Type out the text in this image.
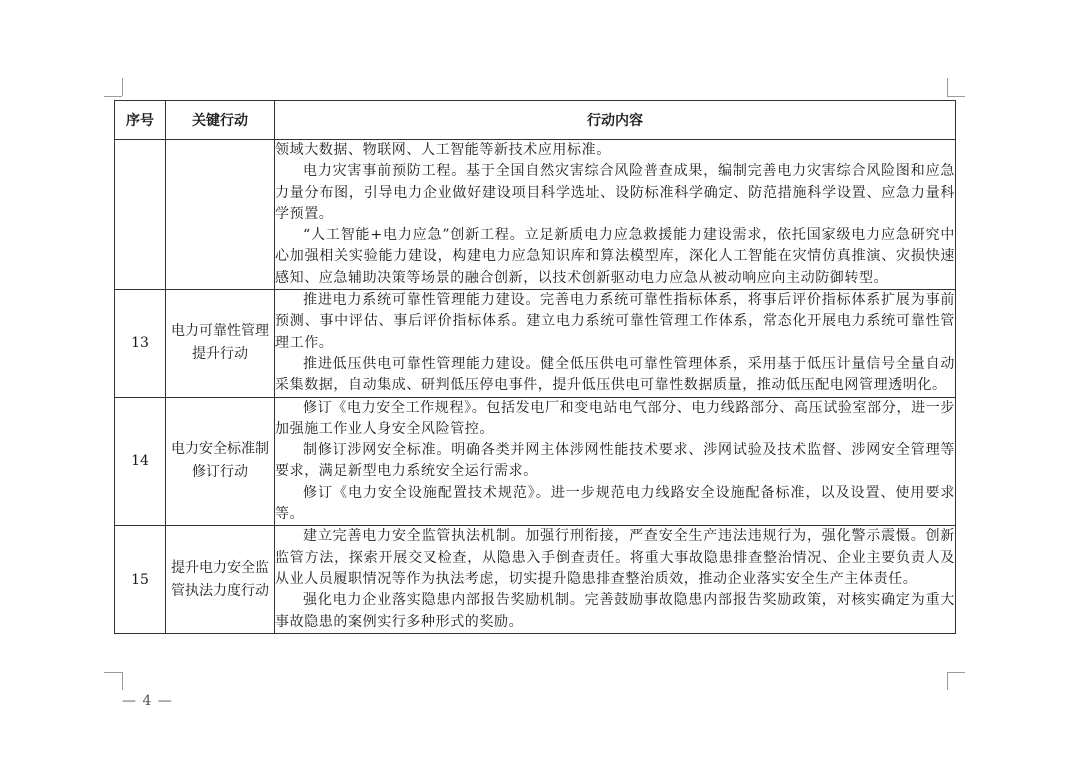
序号	关键行动	行动内容

		领域大数据、物联网、人工智能等新技术应用标准。

电力灾害事前预防工程。基于全国自然灾害综合风险普查成果，编制完善电力灾害综合风险图和应急力量分布图，引导电力企业做好建设项目科学选址、设防标准科学确定、防范措施科学设置、应急力量科学预置。

“人工智能+电力应急”创新工程。立足新质电力应急救援能力建设需求，依托国家级电力应急研究中心加强相关实验能力建设，构建电力应急知识库和算法模型库，深化人工智能在灾情仿真推演、灾损快速感知、应急辅助决策等场景的融合创新，以技术创新驱动电力应急从被动响应向主动防御转型。

13	电力可靠性管理提升行动	推进电力系统可靠性管理能力建设。完善电力系统可靠性指标体系，将事后评价指标体系扩展为事前预测、事中评估、事后评价指标体系。建立电力系统可靠性管理工作体系，常态化开展电力系统可靠性管理工作。

推进低压供电可靠性管理能力建设。健全低压供电可靠性管理体系，采用基于低压计量信号全量自动采集数据，自动集成、研判低压停电事件，提升低压供电可靠性数据质量，推动低压配电网管理透明化。

14	电力安全标准制修订行动	修订《电力安全工作规程》。包括发电厂和变电站电气部分、电力线路部分、高压试验室部分，进一步加强施工作业人身安全风险管控。

制修订涉网安全标准。明确各类并网主体涉网性能技术要求、涉网试验及技术监督、涉网安全管理等要求，满足新型电力系统安全运行需求。

修订《电力安全设施配置技术规范》。进一步规范电力线路安全设施配备标准，以及设置、使用要求等。

15	提升电力安全监管执法力度行动	建立完善电力安全监管执法机制。加强行刑衔接，严查安全生产违法违规行为，强化警示震慑。创新监管方法，探索开展交叉检查，从隐患入手倒查责任。将重大事故隐患排查整治情况、企业主要负责人及从业人员履职情况等作为执法考虑，切实提升隐患排查整治质效，推动企业落实安全生产主体责任。

强化电力企业落实隐患内部报告奖励机制。完善鼓励事故隐患内部报告奖励政策，对核实确定为重大事故隐患的案例实行多种形式的奖励。

— 4 —
